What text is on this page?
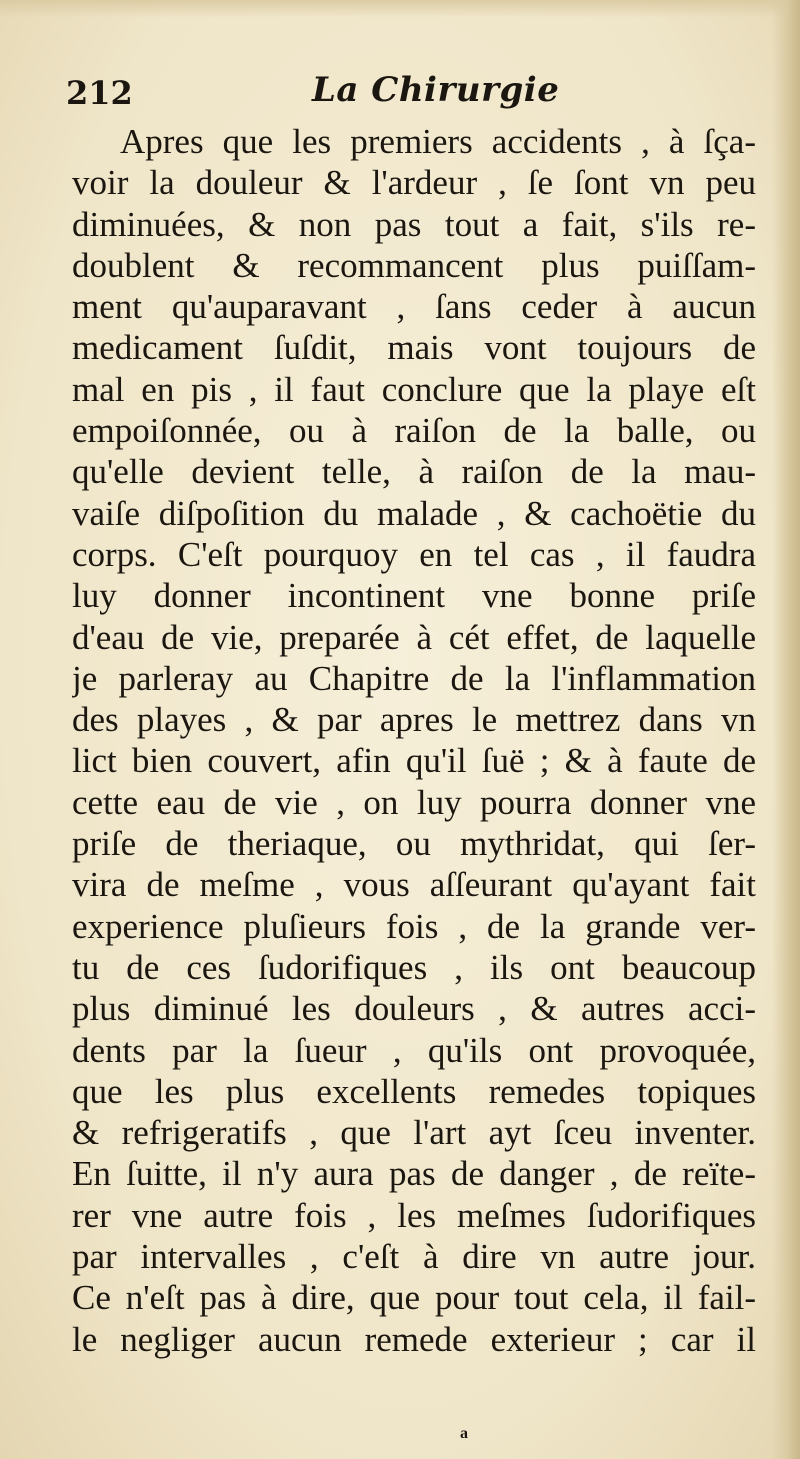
212	La Chirurgie
Apres que les premiers accidents , à ſça-
voir la douleur & l'ardeur , ſe ſont vn peu
diminuées, & non pas tout a fait, s'ils re-
doublent & recommancent plus puiſſam-
ment qu'auparavant , ſans ceder à aucun
medicament ſuſdit, mais vont toujours de
mal en pis , il faut conclure que la playe eſt
empoiſonnée, ou à raiſon de la balle, ou
qu'elle devient telle, à raiſon de la mau-
vaiſe diſpoſition du malade , & cachoëtie du
corps. C'eſt pourquoy en tel cas , il faudra
luy donner incontinent vne bonne priſe
d'eau de vie, preparée à cét effet, de laquelle
je parleray au Chapitre de la l'inflammation
des playes , & par apres le mettrez dans vn
lict bien couvert, afin qu'il ſuë ; & à faute de
cette eau de vie , on luy pourra donner vne
priſe de theriaque, ou mythridat, qui ſer-
vira de meſme , vous aſſeurant qu'ayant fait
experience pluſieurs fois , de la grande ver-
tu de ces ſudorifiques , ils ont beaucoup
plus diminué les douleurs , & autres acci-
dents par la ſueur , qu'ils ont provoquée,
que les plus excellents remedes topiques
& refrigeratifs , que l'art ayt ſceu inventer.
En ſuitte, il n'y aura pas de danger , de reïte-
rer vne autre fois , les meſmes ſudorifiques
par intervalles , c'eſt à dire vn autre jour.
Ce n'eſt pas à dire, que pour tout cela, il fail-
le negliger aucun remede exterieur ; car il
a
